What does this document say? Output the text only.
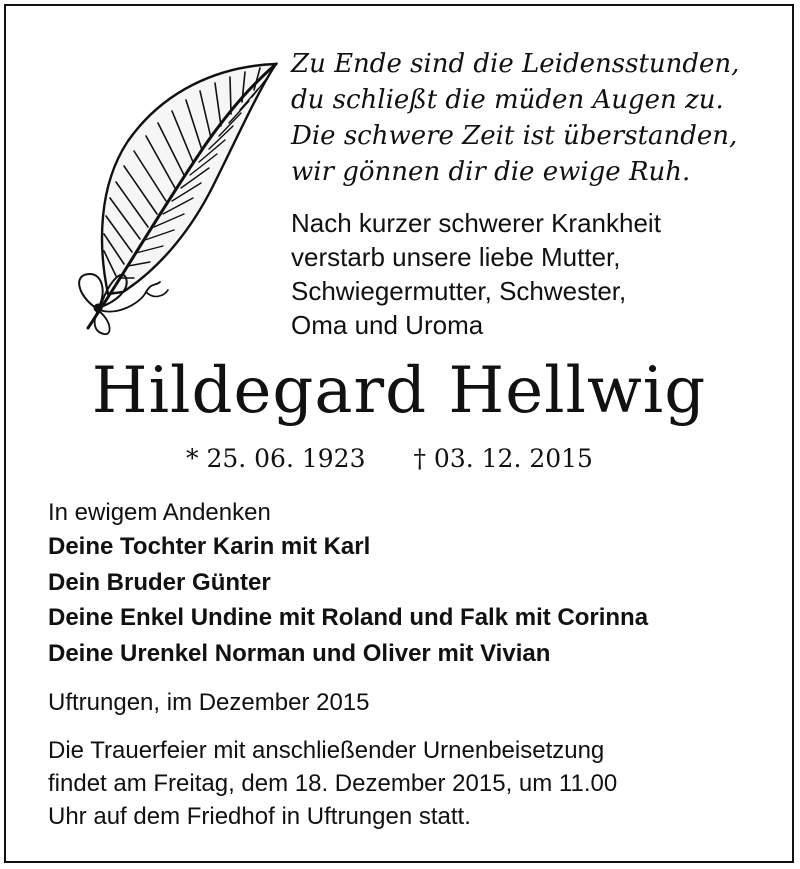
Zu Ende sind die Leidensstunden,
du schließt die müden Augen zu.
Die schwere Zeit ist überstanden,
wir gönnen dir die ewige Ruh.
Nach kurzer schwerer Krankheit
verstarb unsere liebe Mutter,
Schwiegermutter, Schwester,
Oma und Uroma
Hildegard Hellwig
* 25. 06. 1923 † 03. 12. 2015
In ewigem Andenken
Deine Tochter Karin mit Karl
Dein Bruder Günter
Deine Enkel Undine mit Roland und Falk mit Corinna
Deine Urenkel Norman und Oliver mit Vivian
Uftrungen, im Dezember 2015
Die Trauerfeier mit anschließender Urnenbeisetzung
findet am Freitag, dem 18. Dezember 2015, um 11.00
Uhr auf dem Friedhof in Uftrungen statt.
